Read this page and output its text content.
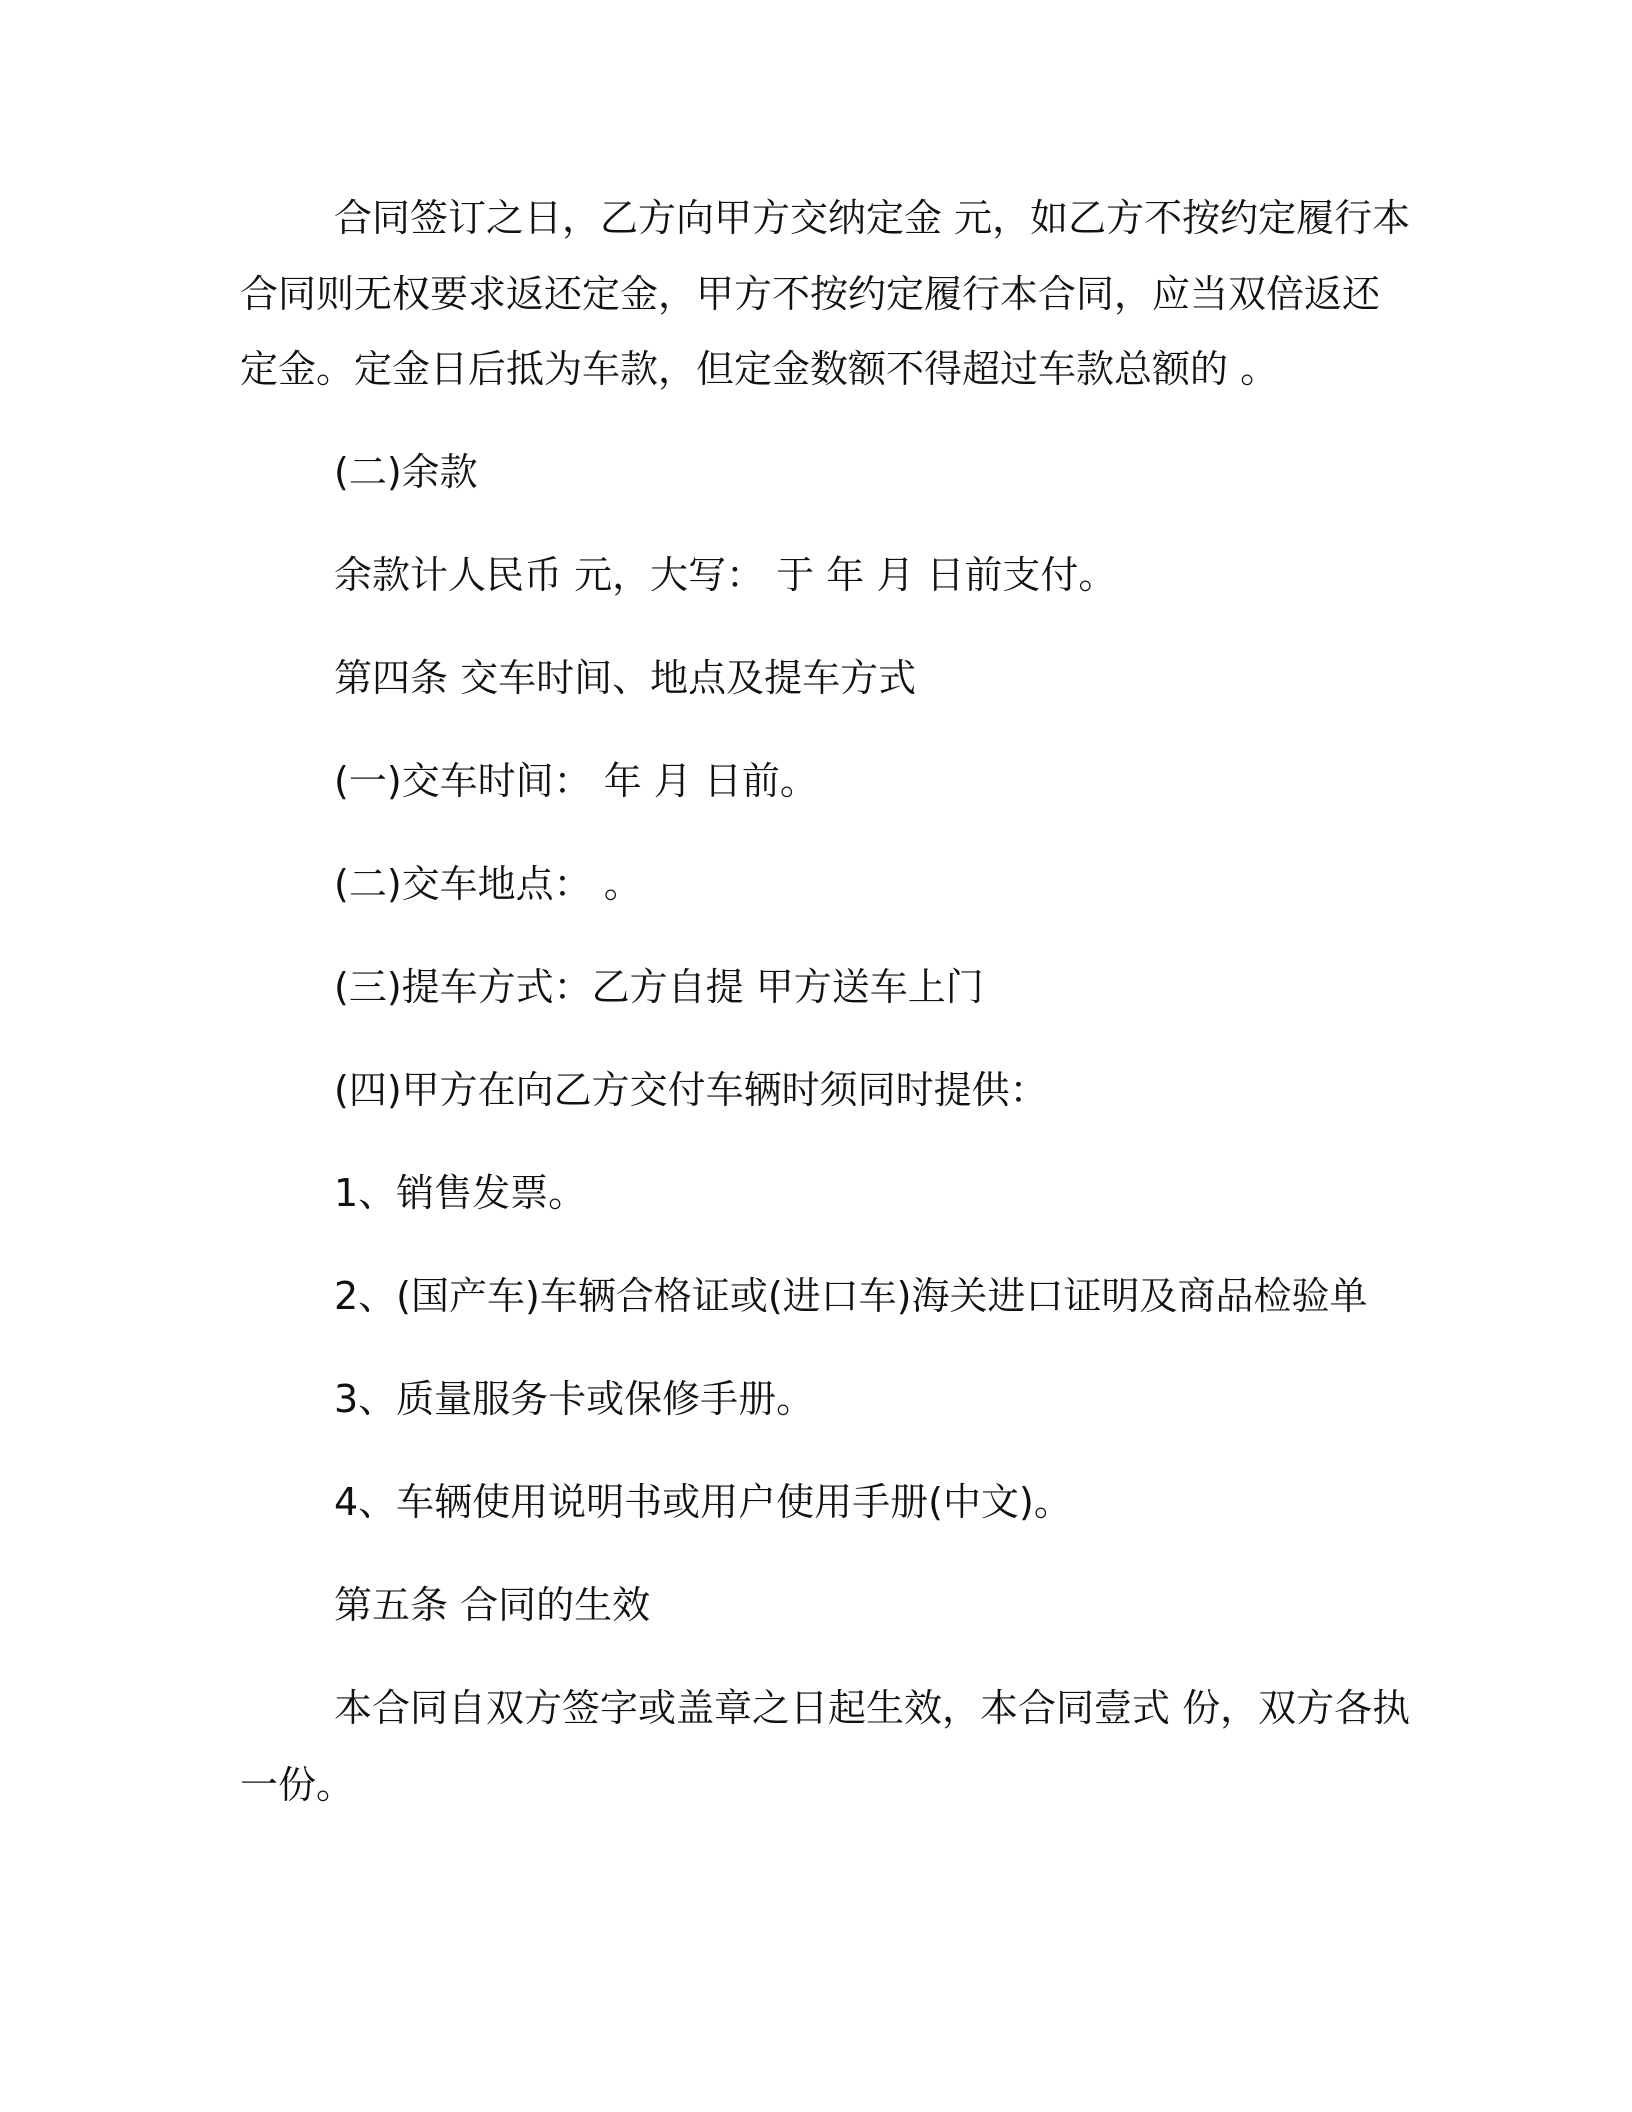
合同签订之日，乙方向甲方交纳定金 元，如乙方不按约定履行本
合同则无权要求返还定金，甲方不按约定履行本合同，应当双倍返还
定金。定金日后抵为车款，但定金数额不得超过车款总额的 。
(二)余款
余款计人民币 元，大写： 于 年 月 日前支付。
第四条 交车时间、地点及提车方式
(一)交车时间： 年 月 日前。
(二)交车地点： 。
(三)提车方式：乙方自提 甲方送车上门
(四)甲方在向乙方交付车辆时须同时提供：
1、销售发票。
2、(国产车)车辆合格证或(进口车)海关进口证明及商品检验单
3、质量服务卡或保修手册。
4、车辆使用说明书或用户使用手册(中文)。
第五条 合同的生效
本合同自双方签字或盖章之日起生效，本合同壹式 份，双方各执
一份。
